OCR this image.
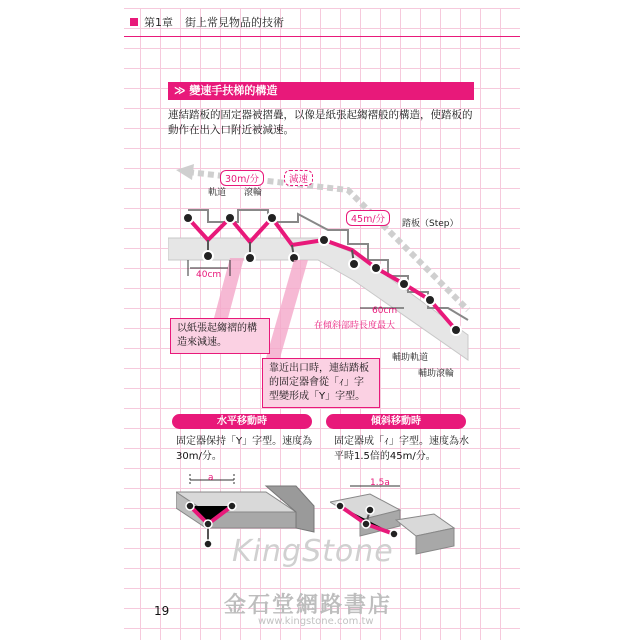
第1章 街上常見物品的技術
≫ 變速手扶梯的構造
連結踏板的固定器被摺疊，以像是紙張起縐褶般的構造，使踏板的動作在出入口附近被減速。
30m/分	減速
45m/分
軌道 滾輪
踏板（Step）
40cm
60cm
在傾斜部時長度最大
輔助軌道
輔助滾輪
以紙張起縐褶的構造來減速。
靠近出口時，連結踏板的固定器會從「ｨ」字型變形成「Y」字型。
水平移動時
固定器保持「Y」字型。速度為30m/分。
傾斜移動時
固定器成「ｨ」字型。速度為水平時1.5倍的45m/分。
a	1.5a
KingStone
金石堂網路書店
www.kingstone.com.tw
19
